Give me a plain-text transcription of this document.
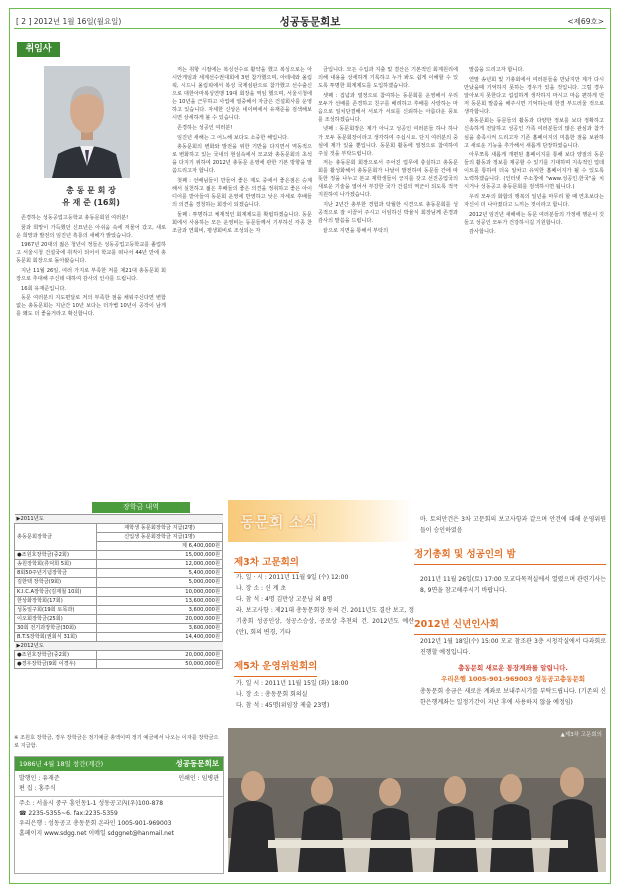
[ 2 ] 2012년 1월 16일(월요일)	성공동문회보	<제69호>
취임사
총 동 문 회 장
유 재 준 (16회)

존경하는 성동공업고등학교 총동문회원 여러분!

꿈과 희망이 가득했던 신묘년은 아쉬움 속에 저물어 갔고, 새로운 희망과 발전의 임진년 흑룡의 새해가 밝았습니다.

1967년 20대의 젊은 청년이 정들은 성동공업고등학교를 졸업하고 서울시청 건설국에 취직이 되어서 학교를 떠나서 44년 만에 총동문회 회장으로 돌아왔습니다.

지난 11월 26일, 여러 가지로 부족한 저를 제21대 총동문회 회장으로 추대해 주신데 대하여 감사의 인사를 드립니다.

16회 유재준입니다.

동문 여러분의 지도편달로 저의 부족한 점을 채워주신다면 변함없는 총동문회는 지난간 10년 보다는 더가볍 10년이 공작이 남게를 꽤도 더 좋을거라고 확신합니다.

저는 취항 시절에는 복싱선수로 활약을 했고 복싱으로는 아시안게임과 세계선수권대회에 3번 참가했으며, 아테네와 올림픽, 시드니 올림픽에서 복싱 국제심판으로 참가했고 선수출신으로 대한아마복싱연맹 19대 회장을 역임 했으며, 서울시청에는 10년을 근무하고 사업에 열중해서 자금은 건설회사를 운영하고 있습니다. 자세한 신상은 네이버에서 유재준을 검색해보시면 상세하게 볼 수 있습니다.

존경하는 성공인 여러분!

임진년 새해는 그 어느해 보다도 소중한 해입니다.

총동문회의 변화와 발전을 위한 기반을 다지면서 역동적으로 변화하고 있는 국내의 현실속에서 모교와 총동문회의 초석을 다지기 위하여 2012년 총동문 운영에 관한 기본 방향을 말씀드리고자 합니다.

첫째 : 선배님들이 만들어 좋은 제도 중에서 좋은점은 승계해서 실천하고 젊은 후배들의 좋은 의견을 정취하고 좋은 아이디어를 받아들여 동문회 운영에 반영하고 낮은 자세로 후배들의 의견을 경청하는 회장이 되겠습니다.

둘째 : 투명하고 체계적인 회계제도를 확립하겠습니다. 동문회에서 사용하는 모든 운영비는 동문들께서 기부하신 각종 찬조금과 연회비, 평생회비로 조성되는 자

금입니다. 모든 수입과 지출 및 결산은 기본적인 회계원리에 의해 내용을 상세하게 기록하고 누가 봐도 쉽게 이해할 수 있도록 투명한 회계제도를 도입하겠습니다.

셋째 : 집념과 열정으로 참여하는 동문회를 운영해서 우리 모두가 선배를 존경하고 친구를 배려하고 후배를 사랑하는 마음으로 일치단결해서 서로가 서로를 신뢰하는 아름다운 풍토를 조성하겠습니다.

넷째 : 동문회장은 제가 아니고 성공인 여러분들 하나 하나가 모두 동문회장이라고 생각하여 주십시요. 단지 여러분의 중심에 제가 있을 뿐입니다. 동문회 활동에 열정으로 참여하여 주실 것을 부탁드립니다.

저는 총동문회 회장으로서 주어진 업무에 충실하고 총동문회를 활성화해서 총동문회가 나날이 발전하여 동문들 간에 따뜻한 정을 나누고 본교 재학생들이 긍지를 갖고 선진공업국의 새로운 기술을 열어서 부강한 국가 건설의 역군이 되도록 적극 지원하여 나가겠습니다.

지난 2년간 총부한 경험과 탁월한 식견으로 총동문회를 성공적으로 잘 이끌어 주시고 이임하신 박율식 회장님께 존경과 감사의 말씀을 드립니다.

끝으로 지면을 통해서 부탁의

말씀을 드리고자 합니다.

연말 송년회 및 기총회에서 여러분들을 만났지만 제가 다시 만났을때 기억하지 못하는 경우가 있을 것입니다. 그럴 경우 알아보지 못한다고 섭섭하게 생각하지 마시고 마음 편하게 먼저 동문회 말씀을 해주시면 기억하는데 한결 부드러울 것으로 생각합니다.

총동문회는 동문들의 활동과 다양한 정보를 보다 정확하고 신속하게 전달하고 성공인 가족 여러분들의 많은 관심과 참가심을 충족시켜 드리고자 기존 홈페이지의 미흡한 점을 보완하고 새로운 기능을 추가해서 새롭게 단장하였습니다.

아무쪼록 새롭게 개편된 홈페이지를 통해 보다 양질의 동문들의 활동과 정보를 제공할 수 있기를 기대하며 지속적인 업데이트를 통하여 더욱 알차고 유익한 홈페이지가 될 수 있도록 노력하겠습니다. (인터넷 주소창에 "www.성공인.한국"을 치시거나 성동공고 총동문회를 검색하시면 됩니다.)

우리 모두의 화합의 행복의 일년을 마무리 할 때 연초보다는 자신이 더 나아졌다고 느끼는 것이라고 합니다.

2012년 임진년 새해에는 동문 여러분들의 가정에 행운이 깃들고 성공인 모두가 건강하시길 기원합니다.

감사합니다.

장학금 내역
▶2011년도	
총동문회장학금	재학생 동문회장학금 지급(2명)
	신입생 동문회장학금 지급(1명)
	계 6,400,000원
●조원호장학금(중2회)	15,000,000원
송원장학회(류덕희 5회)	12,000,000원
8회50주년기념장학금	5,400,000원
김한택 장학금(9회)	5,000,000원
K.I.C.A장학금(김재철 10회)	10,000,000원
한상화장학회(17회)	13,600,000원
성동일구회(19회 토목과)	3,600,000원
이오회장학금(25회)	20,000,000원
30회 전기과장학금(30회)	3,600,000원
B.T.S장학회(권회식 31회)	14,400,000원
▶2012년도	
●조원호장학금(중2회)	20,000,000원
●경우장학금(9회 이경우)	50,000,000원
※ 조원호 장학금, 경우 장학금은 정기예금 총액이며 정기 예금에서 나오는 이자를 장학금으로 지급함.
1986년 4월 18일 창간(계간)	성공동문회보
발행인 : 유재준	인쇄인 : 임병관
편 집 : 홍주식
주소 : 서울시 중구 흥인동1-1 성동공고內(우)100-878
☎ 2235-5355~6. fax:2235-5359
우리은행 : 성동공고 총동문회 온라인 1005-901-969003
홈페이지 www.sdgg.net 이메일 sdggnet@hanmail.net
동문회 소식
제3차 고문회의
가. 일 · 시 : 2011년 11월 9일 (수) 12:00
나. 장 소 : 신 계 초
다. 참 석 : 4명 김만상 고문님 외 8명
라. 보고사항 : 제21대 총동문회장 동의 건. 2011년도 결산 보고, 정기총회 성공인상, 성공스승상, 공로상 추천의 건. 2012년도 예산(안), 회의 변경, 기타
마. 토의안건은 3차 고문회의 보고사항과 같으며 안건에 대해 운영위원들이 승인하였음
제5차 운영위원회의
가. 일 시 : 2011년 11월 15일 (화) 18:00
나. 장 소 : 총동문회 회의실
다. 참 석 : 45명(위임장 제출 23명)
정기총회 및 성공인의 밤
2011년 11월 26일(토) 17:00 모교다목적실에서 열렸으며 관련기사는 8, 9면을 참고해주시기 바랍니다.
2012년 신년인사회
2012년 1월 18일(수) 15:00 모교 참조관 3층 시청각실에서 다과회로 진행할 예정입니다.
총동문회 새로운 통장계좌를 알립니다.
우리은행 1005-901-969003 성동공고총동문회
총동문회 송금은 새로운 계좌로 보내주시기를 부탁드립니다. (기존의 신한은행계좌는 일정기간이 지난 후에 사용하지 않을 예정임)
▲제3차 고문회의
